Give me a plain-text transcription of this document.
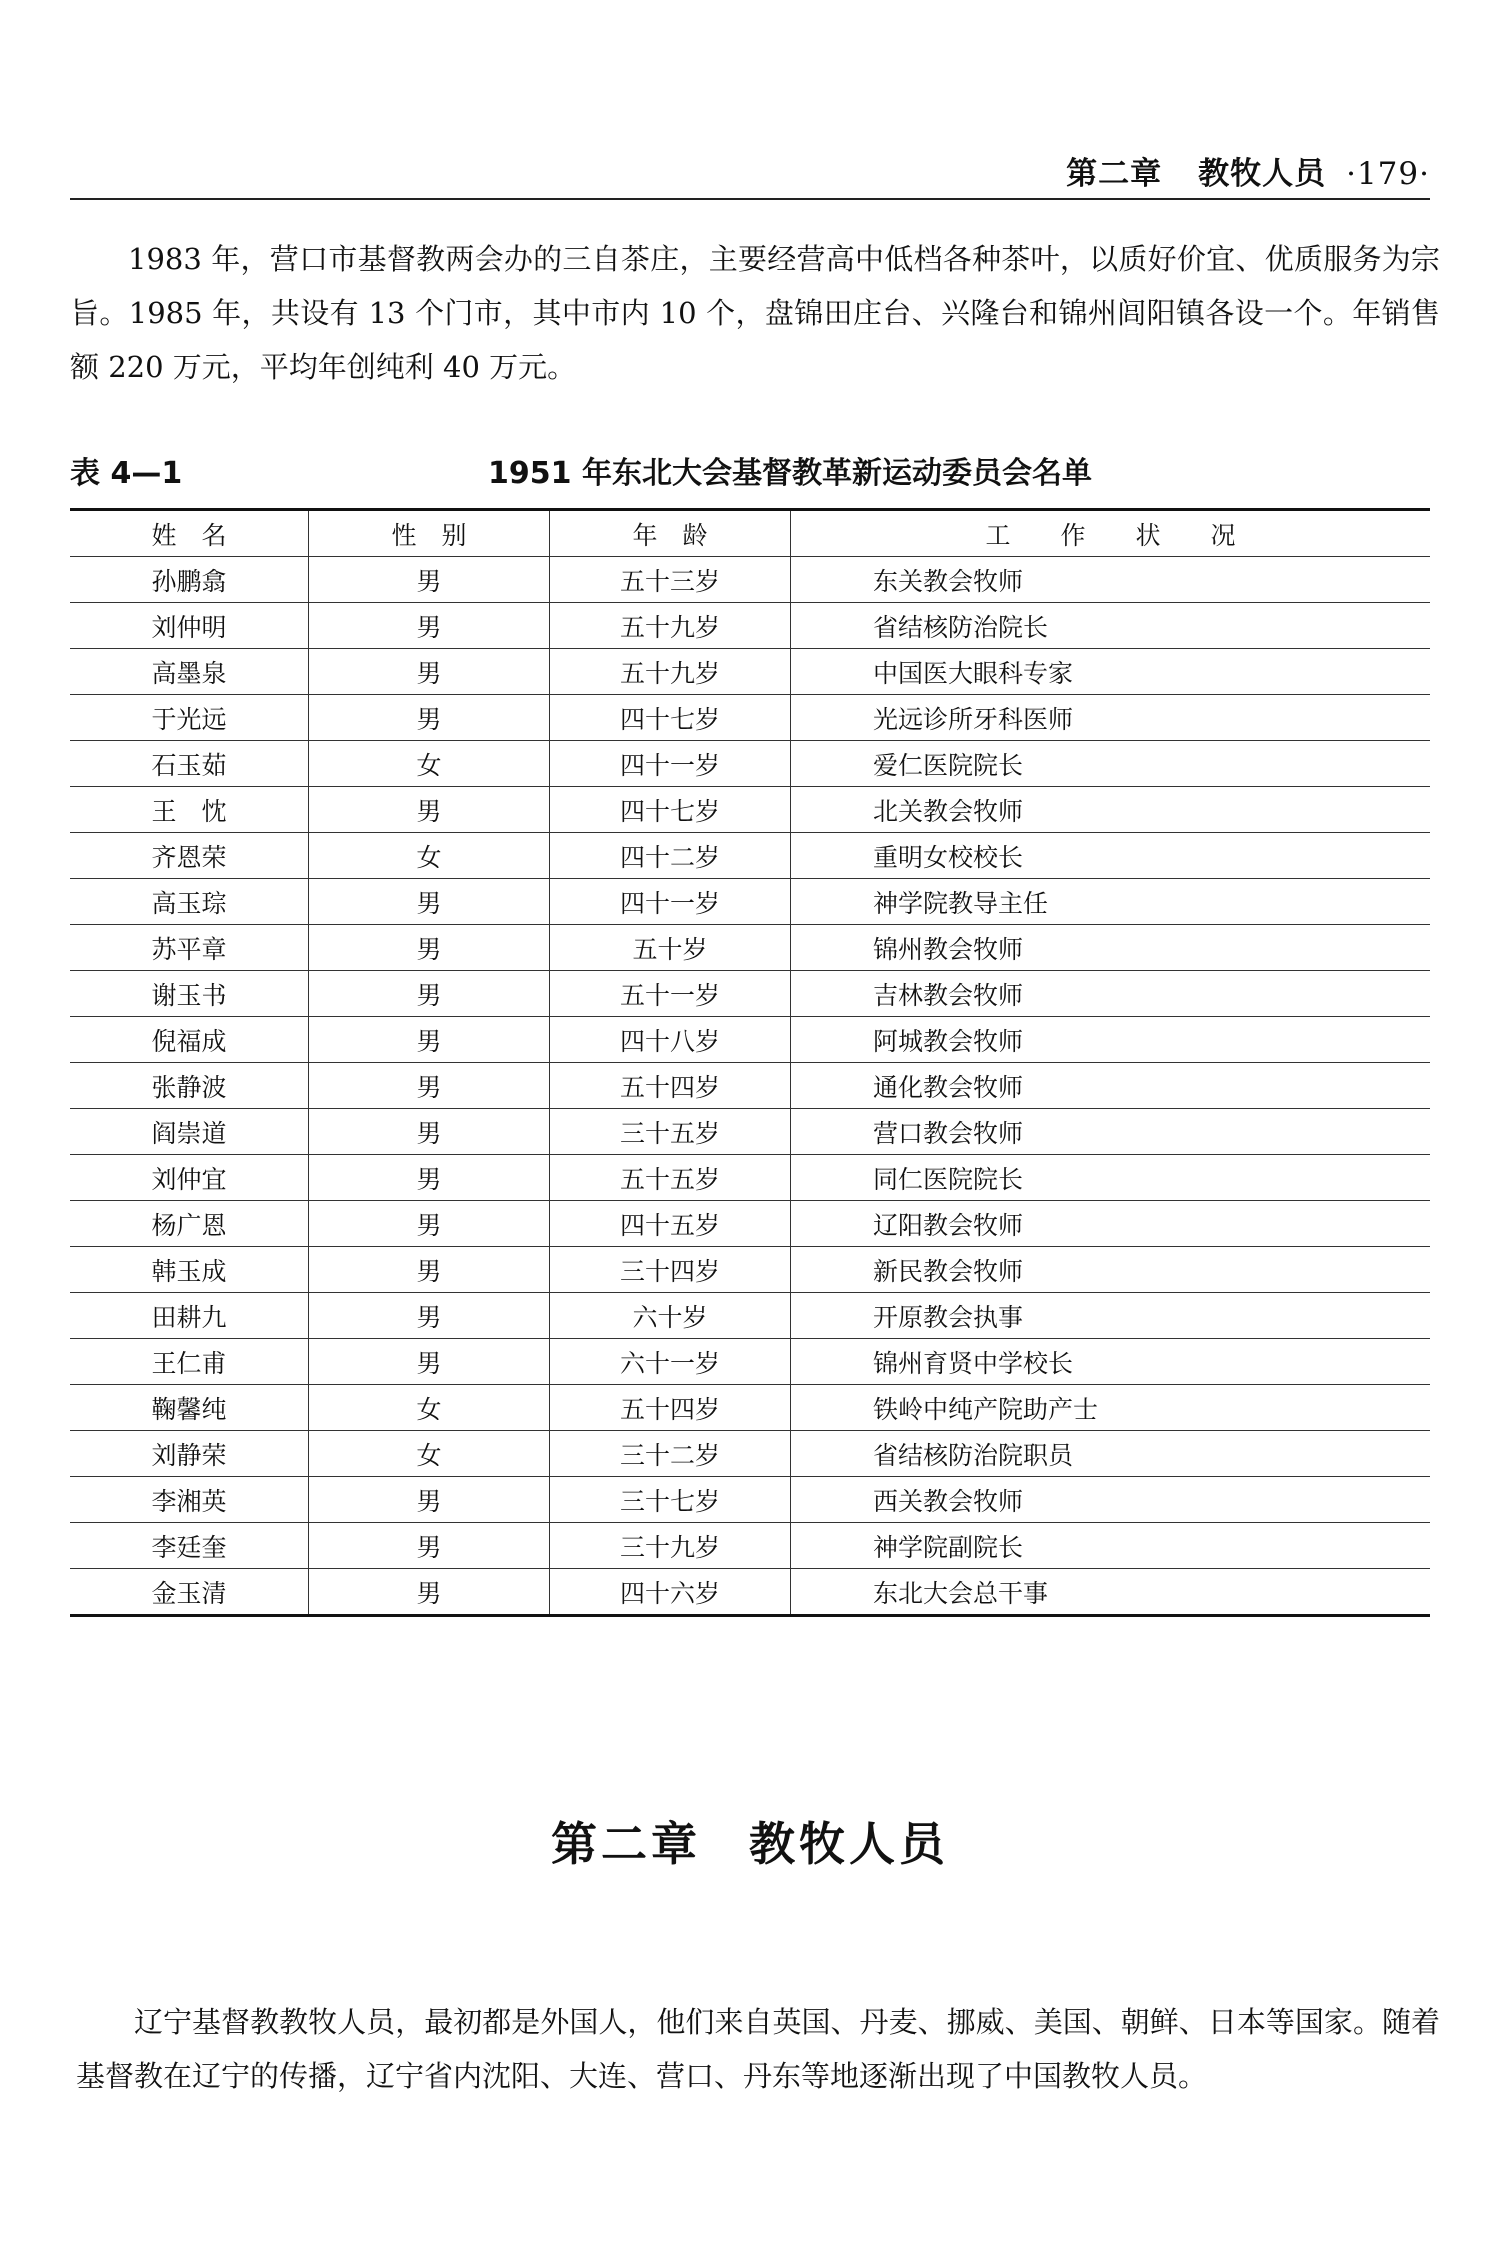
第二章 教牧人员 ·179·

1983 年，营口市基督教两会办的三自茶庄，主要经营高中低档各种茶叶，以质好价宜、优质服务为宗旨。1985 年，共设有 13 个门市，其中市内 10 个，盘锦田庄台、兴隆台和锦州闾阳镇各设一个。年销售额 220 万元，平均年创纯利 40 万元。

表 4—1	1951 年东北大会基督教革新运动委员会名单
姓　名	性　别	年　龄	工　　作　　状　　况
孙鹏翕	男	五十三岁	东关教会牧师
刘仲明	男	五十九岁	省结核防治院长
高墨泉	男	五十九岁	中国医大眼科专家
于光远	男	四十七岁	光远诊所牙科医师
石玉茹	女	四十一岁	爱仁医院院长
王　忱	男	四十七岁	北关教会牧师
齐恩荣	女	四十二岁	重明女校校长
高玉琮	男	四十一岁	神学院教导主任
苏平章	男	五十岁	锦州教会牧师
谢玉书	男	五十一岁	吉林教会牧师
倪福成	男	四十八岁	阿城教会牧师
张静波	男	五十四岁	通化教会牧师
阎崇道	男	三十五岁	营口教会牧师
刘仲宜	男	五十五岁	同仁医院院长
杨广恩	男	四十五岁	辽阳教会牧师
韩玉成	男	三十四岁	新民教会牧师
田耕九	男	六十岁	开原教会执事
王仁甫	男	六十一岁	锦州育贤中学校长
鞠馨纯	女	五十四岁	铁岭中纯产院助产士
刘静荣	女	三十二岁	省结核防治院职员
李湘英	男	三十七岁	西关教会牧师
李廷奎	男	三十九岁	神学院副院长
金玉清	男	四十六岁	东北大会总干事
第二章 教牧人员

辽宁基督教教牧人员，最初都是外国人，他们来自英国、丹麦、挪威、美国、朝鲜、日本等国家。随着基督教在辽宁的传播，辽宁省内沈阳、大连、营口、丹东等地逐渐出现了中国教牧人员。
